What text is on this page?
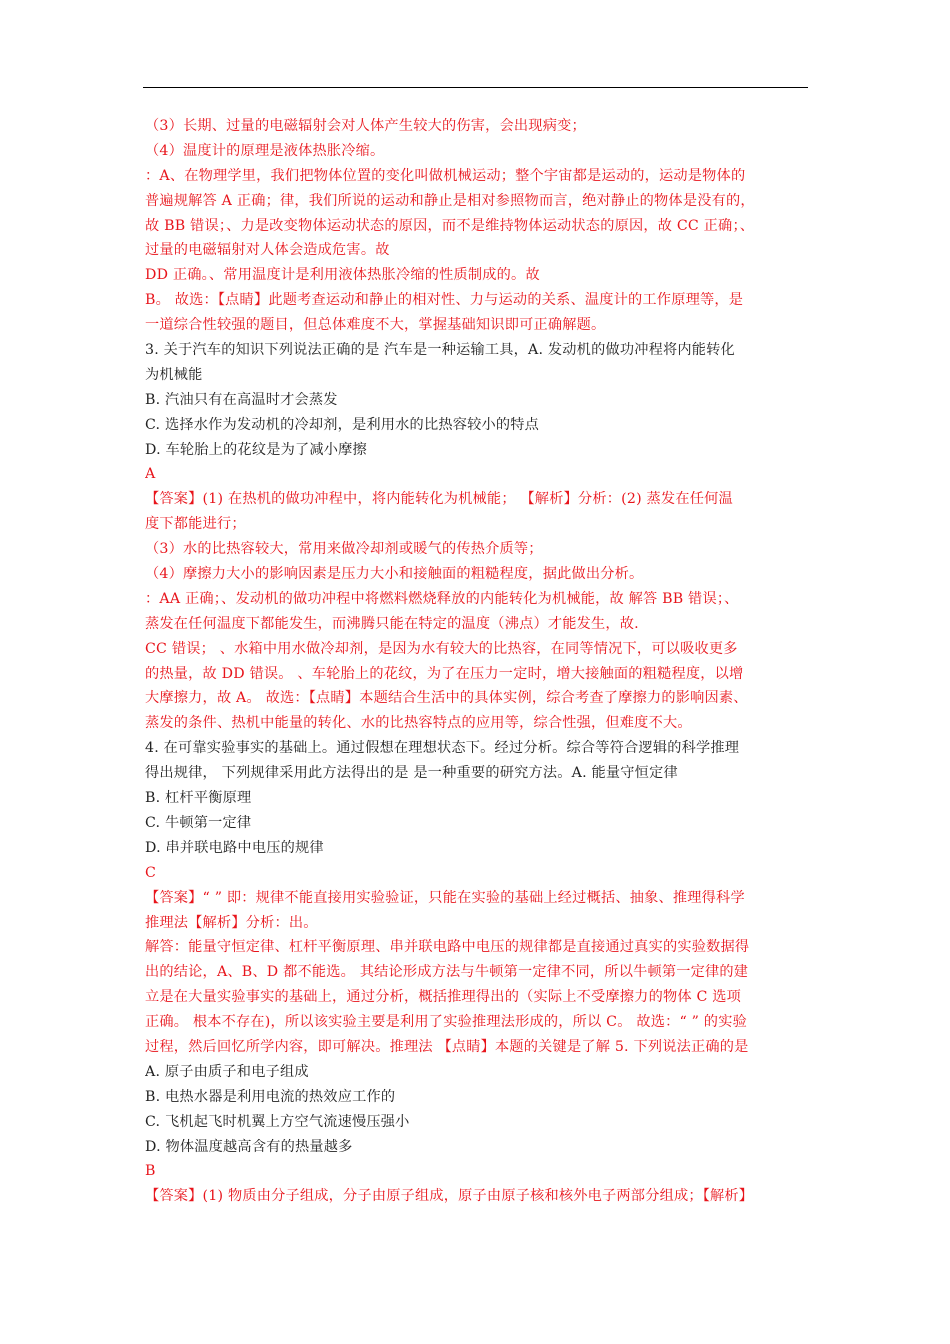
（3）长期、过量的电磁辐射会对人体产生较大的伤害，会出现病变；
（4）温度计的原理是液体热胀冷缩。
：A、在物理学里，我们把物体位置的变化叫做机械运动；整个宇宙都是运动的，运动是物体的
普遍规解答 A 正确；律，我们所说的运动和静止是相对参照物而言，绝对静止的物体是没有的，
故 BB 错误；、力是改变物体运动状态的原因，而不是维持物体运动状态的原因，故 CC 正确；、
过量的电磁辐射对人体会造成危害。故
DD 正确。、常用温度计是利用液体热胀冷缩的性质制成的。故
B。 故选：【点睛】此题考查运动和静止的相对性、力与运动的关系、温度计的工作原理等，是
一道综合性较强的题目，但总体难度不大，掌握基础知识即可正确解题。
3. 关于汽车的知识下列说法正确的是 汽车是一种运输工具，A. 发动机的做功冲程将内能转化
为机械能
B. 汽油只有在高温时才会蒸发
C. 选择水作为发动机的冷却剂，是利用水的比热容较小的特点
D. 车轮胎上的花纹是为了减小摩擦
A
【答案】(1) 在热机的做功冲程中，将内能转化为机械能； 【解析】分析：(2) 蒸发在任何温
度下都能进行；
（3）水的比热容较大，常用来做冷却剂或暖气的传热介质等；
（4）摩擦力大小的影响因素是压力大小和接触面的粗糙程度，据此做出分析。
：AA 正确；、发动机的做功冲程中将燃料燃烧释放的内能转化为机械能，故 解答 BB 错误；、
蒸发在任何温度下都能发生，而沸腾只能在特定的温度（沸点）才能发生，故.
CC 错误； 、水箱中用水做冷却剂，是因为水有较大的比热容，在同等情况下，可以吸收更多
的热量，故 DD 错误。 、车轮胎上的花纹，为了在压力一定时，增大接触面的粗糙程度，以增
大摩擦力，故 A。 故选：【点睛】本题结合生活中的具体实例，综合考查了摩擦力的影响因素、
蒸发的条件、热机中能量的转化、水的比热容特点的应用等，综合性强，但难度不大。
4. 在可靠实验事实的基础上。通过假想在理想状态下。经过分析。综合等符合逻辑的科学推理
得出规律， 下列规律采用此方法得出的是 是一种重要的研究方法。A. 能量守恒定律
B. 杠杆平衡原理
C. 牛顿第一定律
D. 串并联电路中电压的规律
C
【答案】“ ” 即：规律不能直接用实验验证，只能在实验的基础上经过概括、抽象、推理得科学
推理法【解析】分析：出。
解答：能量守恒定律、杠杆平衡原理、串并联电路中电压的规律都是直接通过真实的实验数据得
出的结论，A、B、D 都不能选。 其结论形成方法与牛顿第一定律不同，所以牛顿第一定律的建
立是在大量实验事实的基础上，通过分析，概括推理得出的（实际上不受摩擦力的物体 C 选项
正确。 根本不存在)，所以该实验主要是利用了实验推理法形成的，所以 C。 故选：“ ” 的实验
过程，然后回忆所学内容，即可解决。推理法 【点睛】本题的关键是了解 5. 下列说法正确的是
A. 原子由质子和电子组成
B. 电热水器是利用电流的热效应工作的
C. 飞机起飞时机翼上方空气流速慢压强小
D. 物体温度越高含有的热量越多
B
【答案】(1) 物质由分子组成，分子由原子组成，原子由原子核和核外电子两部分组成；【解析】
